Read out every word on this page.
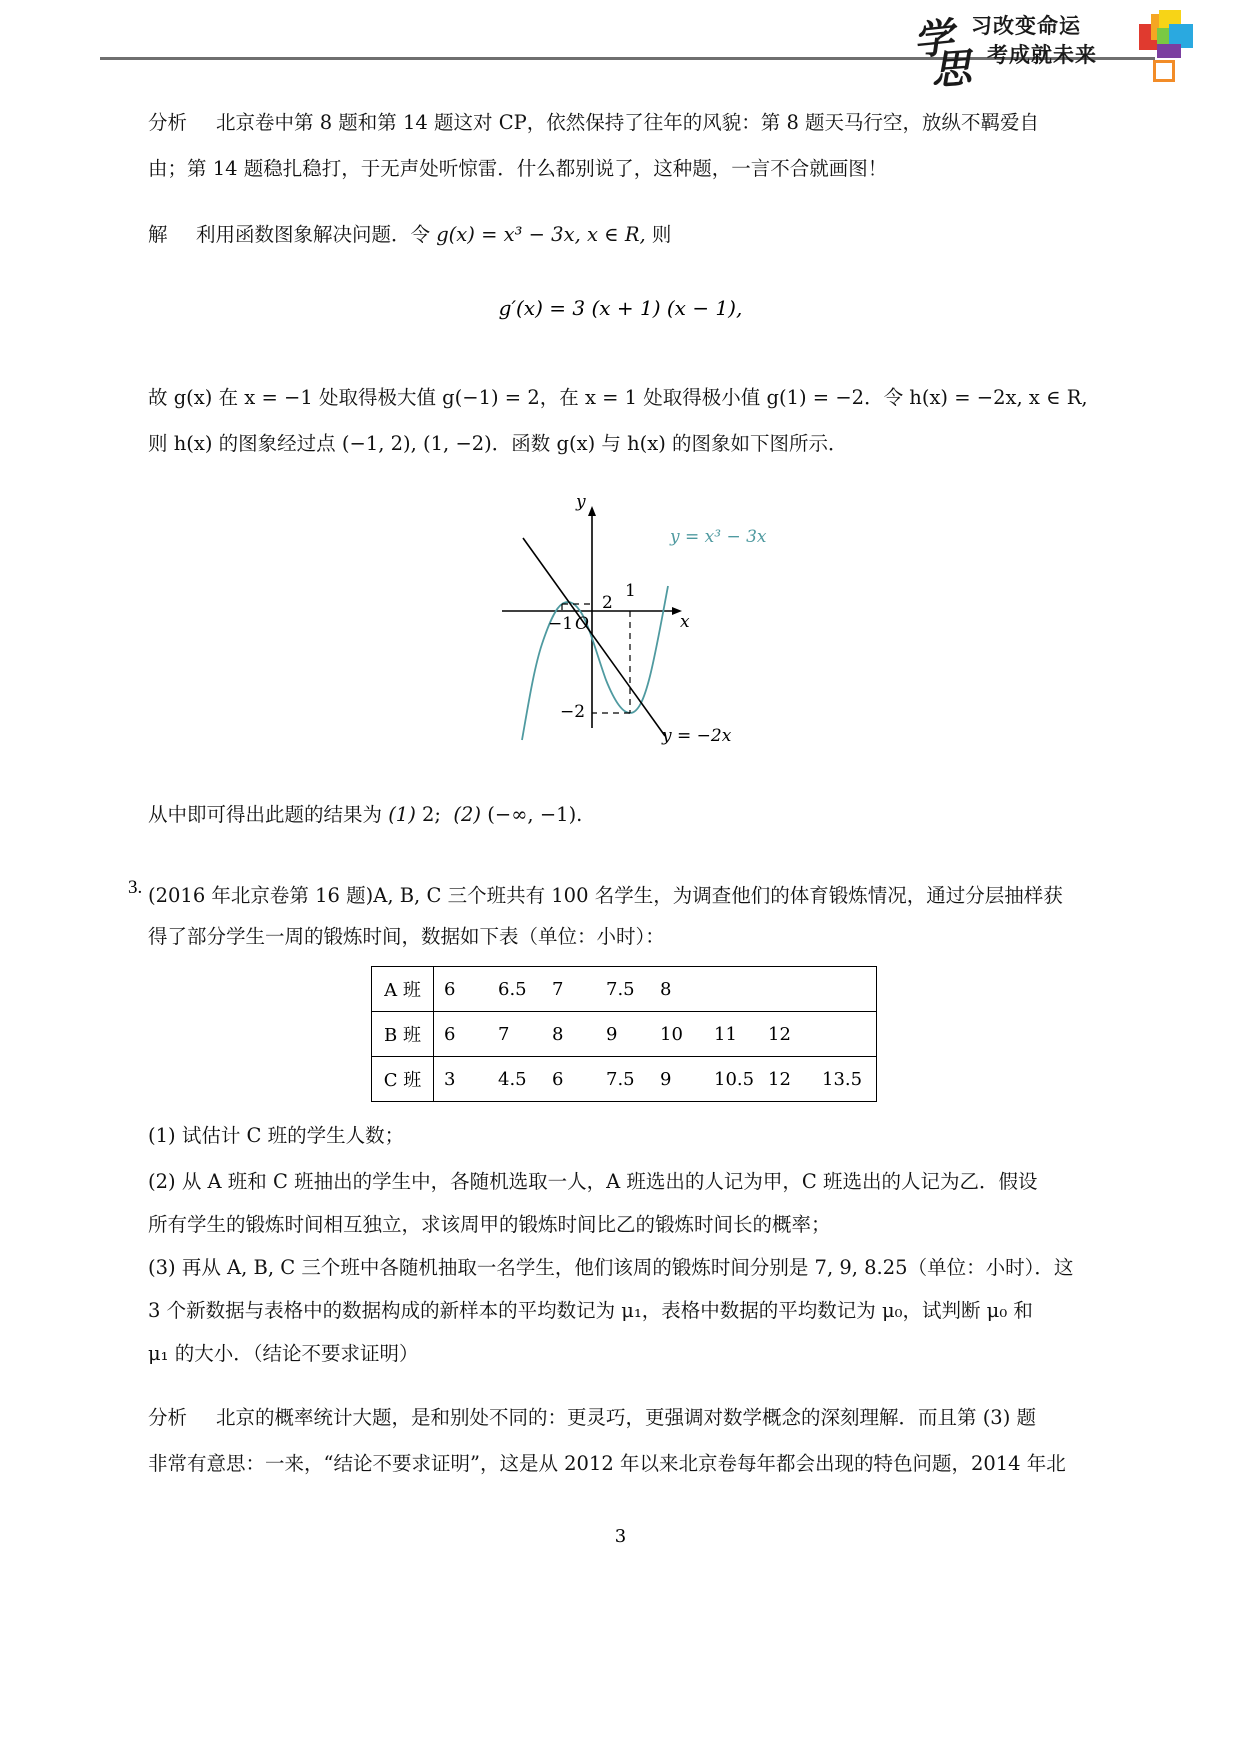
学
思
习改变命运
考成就未来
分析 北京卷中第 8 题和第 14 题这对 CP，依然保持了往年的风貌：第 8 题天马行空，放纵不羁爱自
由；第 14 题稳扎稳打，于无声处听惊雷．什么都别说了，这种题，一言不合就画图！
解 利用函数图象解决问题．令 g(x) = x³ − 3x, x ∈ R, 则
g′(x) = 3 (x + 1) (x − 1),
故 g(x) 在 x = −1 处取得极大值 g(−1) = 2，在 x = 1 处取得极小值 g(1) = −2．令 h(x) = −2x, x ∈ R,
则 h(x) 的图象经过点 (−1, 2), (1, −2)．函数 g(x) 与 h(x) 的图象如下图所示．
y
x
O
−1
1
2
−2
y = x³ − 3x
y = −2x
从中即可得出此题的结果为 (1) 2; (2) (−∞, −1).
3. (2016 年北京卷第 16 题)A, B, C 三个班共有 100 名学生，为调查他们的体育锻炼情况，通过分层抽样获
得了部分学生一周的锻炼时间，数据如下表（单位：小时）：
A 班	6 6.5 7 7.5 8
B 班	6 7 8 9 10 11 12
C 班	3 4.5 6 7.5 9 10.5 12 13.5
(1) 试估计 C 班的学生人数；
(2) 从 A 班和 C 班抽出的学生中，各随机选取一人，A 班选出的人记为甲，C 班选出的人记为乙．假设
所有学生的锻炼时间相互独立，求该周甲的锻炼时间比乙的锻炼时间长的概率；
(3) 再从 A, B, C 三个班中各随机抽取一名学生，他们该周的锻炼时间分别是 7, 9, 8.25（单位：小时）．这
3 个新数据与表格中的数据构成的新样本的平均数记为 μ₁，表格中数据的平均数记为 μ₀，试判断 μ₀ 和
μ₁ 的大小．（结论不要求证明）
分析 北京的概率统计大题，是和别处不同的：更灵巧，更强调对数学概念的深刻理解．而且第 (3) 题
非常有意思：一来，“结论不要求证明”，这是从 2012 年以来北京卷每年都会出现的特色问题，2014 年北
3
